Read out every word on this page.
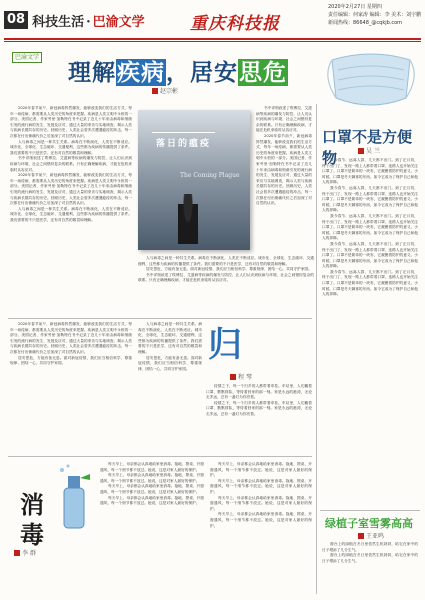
08 科技生活 · 巴渝文学	重庆科技报
2020年2月27日 星期四
责任编辑：何家涛 编辑：李 美术：刘宇鹏
新闻热线：86648_@cqkjb.com
巴渝文学
理解疾病，居安思危
赵宗彬

2020年春节前夕，新冠病毒猝然爆发，能够改变我们的生活方式，每年一场疫病，都需要从人类历史的角度来把握。疾病是人类文明中永恒的一部分。美国记者、作家劳里·加勒特在书中记录了近几十年来由病毒和细菌引发的流行病的发生、发展及应对，通过大量的采访与实地调查，揭示人类与疾病长期共存的历史。回顾历史，人类社会曾多次遭遇瘟疫的冲击，每一次都在付出惨痛代价之后加深了对自然的认识。

人与病毒之间是一种共生关系。病毒在不断演化，人类在不断适应。城市化、全球化、生态破坏、交通便利，这些都为疾病的传播提供了条件。我们需要的不只是医学，还有对自然的敬畏和理解。

书中详细叙述了埃博拉、艾滋病等疾病的爆发与防控，让人们认识到疾病与环境、社会之间错综复杂的联系。只有正确理解疾病，才能在危机来临时从容应对。

2020年春节前夕，新冠病毒猝然爆发，能够改变我们的生活方式，每年一场疫病，都需要从人类历史的角度来把握。疾病是人类文明中永恒的一部分。美国记者、作家劳里·加勒特在书中记录了近几十年来由病毒和细菌引发的流行病的发生、发展及应对，通过大量的采访与实地调查，揭示人类与疾病长期共存的历史。回顾历史，人类社会曾多次遭遇瘟疫的冲击，每一次都在付出惨痛代价之后加深了对自然的认识。

人与病毒之间是一种共生关系。病毒在不断演化，人类在不断适应。城市化、全球化、生态破坏、交通便利，这些都为疾病的传播提供了条件。我们需要的不只是医学，还有对自然的敬畏和理解。

落日的瘟疫
The Coming Plague

书中详细叙述了埃博拉、艾滋病等疾病的爆发与防控，让人们认识到疾病与环境、社会之间错综复杂的联系。只有正确理解疾病，才能在危机来临时从容应对。

2020年春节前夕，新冠病毒猝然爆发，能够改变我们的生活方式，每年一场疫病，都需要从人类历史的角度来把握。疾病是人类文明中永恒的一部分。美国记者、作家劳里·加勒特在书中记录了近几十年来由病毒和细菌引发的流行病的发生、发展及应对，通过大量的采访与实地调查，揭示人类与疾病长期共存的历史。回顾历史，人类社会曾多次遭遇瘟疫的冲击，每一次都在付出惨痛代价之后加深了对自然的认识。

人与病毒之间是一种共生关系。病毒在不断演化，人类在不断适应。城市化、全球化、生态破坏、交通便利，这些都为疾病的传播提供了条件。我们需要的不只是医学，还有对自然的敬畏和理解。

居安思危，方能有备无患。面对新冠疫情，我们应当相信科学、尊重规律、团结一心，共同守护家园。

书中详细叙述了埃博拉、艾滋病等疾病的爆发与防控，让人们认识到疾病与环境、社会之间错综复杂的联系。只有正确理解疾病，才能在危机来临时从容应对。

口罩不是方便物	吴 兰

我今春节，远离人群，几天都不出门。到了正月初，终于出门了，发现一路上人都带着口罩，连路人也开始关注口罩了。口罩不是简单的一块布，它凝聚着防护的意义。小时候，口罩是冬天御寒的东西，如今它成为了保护自己和他人的屏障。

我今春节，远离人群，几天都不出门。到了正月初，终于出门了，发现一路上人都带着口罩，连路人也开始关注口罩了。口罩不是简单的一块布，它凝聚着防护的意义。小时候，口罩是冬天御寒的东西，如今它成为了保护自己和他人的屏障。

我今春节，远离人群，几天都不出门。到了正月初，终于出门了，发现一路上人都带着口罩，连路人也开始关注口罩了。口罩不是简单的一块布，它凝聚着防护的意义。小时候，口罩是冬天御寒的东西，如今它成为了保护自己和他人的屏障。

我今春节，远离人群，几天都不出门。到了正月初，终于出门了，发现一路上人都带着口罩，连路人也开始关注口罩了。口罩不是简单的一块布，它凝聚着防护的意义。小时候，口罩是冬天御寒的东西，如今它成为了保护自己和他人的屏障。

我今春节，远离人群，几天都不出门。到了正月初，终于出门了，发现一路上人都带着口罩，连路人也开始关注口罩了。口罩不是简单的一块布，它凝聚着防护的意义。小时候，口罩是冬天御寒的东西，如今它成为了保护自己和他人的屏障。

2020年春节前夕，新冠病毒猝然爆发，能够改变我们的生活方式，每年一场疫病，都需要从人类历史的角度来把握。疾病是人类文明中永恒的一部分。美国记者、作家劳里·加勒特在书中记录了近几十年来由病毒和细菌引发的流行病的发生、发展及应对，通过大量的采访与实地调查，揭示人类与疾病长期共存的历史。回顾历史，人类社会曾多次遭遇瘟疫的冲击，每一次都在付出惨痛代价之后加深了对自然的认识。

居安思危，方能有备无患。面对新冠疫情，我们应当相信科学、尊重规律、团结一心，共同守护家园。

人与病毒之间是一种共生关系。病毒在不断演化，人类在不断适应。城市化、全球化、生态破坏、交通便利，这些都为疾病的传播提供了条件。我们需要的不只是医学，还有对自然的敬畏和理解。

居安思危，方能有备无患。面对新冠疫情，我们应当相信科学、尊重规律、团结一心，共同守护家园。

归
程 琴

疫情之下，每一个归乡的人都带着牵挂。车站里，人们戴着口罩，默默排队，等待着回家的那一刻。家是永远的港湾，无论走多远，总有一盏灯为你亮着。

疫情之下，每一个归乡的人都带着牵挂。车站里，人们戴着口罩，默默排队，等待着回家的那一刻。家是永远的港湾，无论走多远，总有一盏灯为你亮着。

消毒
李 群

每天早上，母亲都会认真地给家里消毒。拖地、擦桌、开窗通风，每一个细节都不放过。她说，这是对家人最好的保护。

每天早上，母亲都会认真地给家里消毒。拖地、擦桌、开窗通风，每一个细节都不放过。她说，这是对家人最好的保护。

每天早上，母亲都会认真地给家里消毒。拖地、擦桌、开窗通风，每一个细节都不放过。她说，这是对家人最好的保护。

每天早上，母亲都会认真地给家里消毒。拖地、擦桌、开窗通风，每一个细节都不放过。她说，这是对家人最好的保护。

每天早上，母亲都会认真地给家里消毒。拖地、擦桌、开窗通风，每一个细节都不放过。她说，这是对家人最好的保护。

每天早上，母亲都会认真地给家里消毒。拖地、擦桌、开窗通风，每一个细节都不放过。她说，这是对家人最好的保护。

每天早上，母亲都会认真地给家里消毒。拖地、擦桌、开窗通风，每一个细节都不放过。她说，这是对家人最好的保护。

每天早上，母亲都会认真地给家里消毒。拖地、擦桌、开窗通风，每一个细节都不放过。她说，这是对家人最好的保护。	绿植子室雪雾高高
王亚鸣

窗台上的绿植在冬日里依然生机勃勃，给宅在家中的日子增添了几分生气。

窗台上的绿植在冬日里依然生机勃勃，给宅在家中的日子增添了几分生气。
